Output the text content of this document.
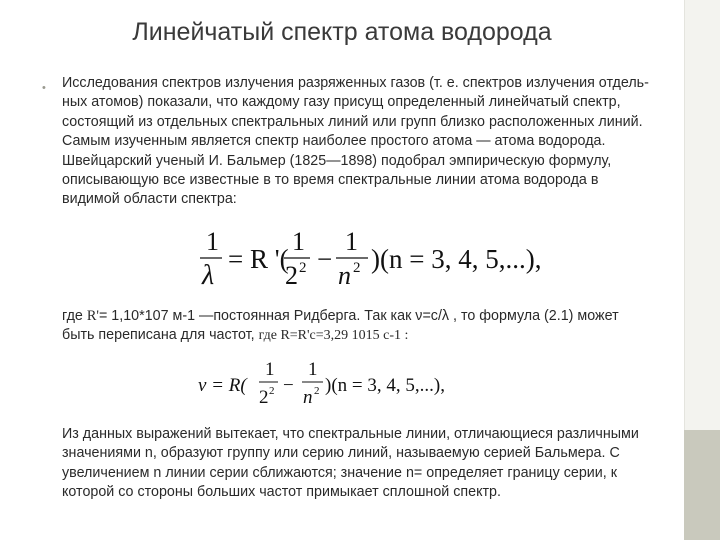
Линейчатый спектр атома водорода
• Исследования спектров излучения разряженных газов (т. е. спектров излучения отдель-ных атомов) показали, что каждому газу присущ определенный линейчатый спектр, состоящий из отдельных спектральных линий или групп близко расположенных линий. Самым изученным является спектр наиболее простого атома — атома водорода. Швейцарский ученый И. Бальмер (1825—1898) подобрал эмпирическую формулу, описывающую все известные в то время спектральные линии атома водорода в видимой области спектра:
1
λ
= R '(
1
2 2 −
1
n 2 )(n = 3, 4, 5,...),
где R'= 1,10*107 м-1 —постоянная Ридберга. Так как ν=c/λ , то формула (2.1) может быть переписана для частот, где R=R'c=3,29 1015 с-1 :
ν = R(
1
2 2 −
1
n 2 )(n = 3, 4, 5,...),
Из данных выражений вытекает, что спектральные линии, отличающиеся различными значениями n, образуют группу или серию линий, называемую серией Бальмера. С увеличением n линии серии сближаются; значение n= определяет границу серии, к которой со стороны больших частот примыкает сплошной спектр.
